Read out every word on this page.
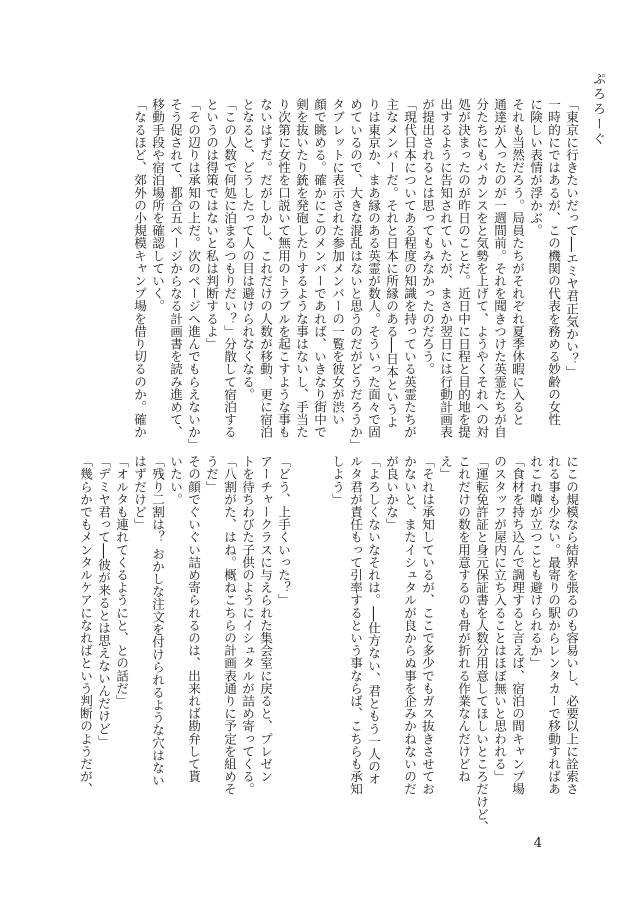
ぷろろーぐ
「東京に行きたいだって──エミヤ君正気かい？」
一時的にではあるが、この機関の代表を務める妙齢の女性
に険しい表情が浮かぶ。
それも当然だろう。局員たちがそれぞれ夏季休暇に入ると
通達が入ったのが一週間前。それを聞きつけた英霊たちが自
分たちにもバカンスをと気勢を上げて、ようやくそれへの対
処が決まったのが昨日のことだ。近日中に日程と目的地を提
出するように告知されていたが、まさか翌日には行動計画表
が提出されるとは思ってもみなかったのだろう。
「現代日本についてある程度の知識を持っている英霊たちが
主なメンバーだ。それと日本に所縁のある──日本というよ
りは東京か、まあ縁のある英霊が数人。そういった面々で固
めているので、大きな混乱はないと思うのだがどうだろうか」
タブレットに表示された参加メンバーの一覧を彼女が渋い
顔で眺める。確かにこのメンバーであれば、いきなり街中で
剣を抜いたり銃を発砲したりするような事はないし、手当た
り次第に女性を口説いて無用のトラブルを起こすような事も
ないはずだ。だがしかし、これだけの人数が移動、更に宿泊
となると、どうしたって人の目は避けられなくなる。
「この人数で何処に泊まるつもりだい？」分散して宿泊する
というのは得策ではないと私は判断するよ」
「その辺りは承知の上だ。次のページへ進んでもらえないか」
そう促されて、都合五ページからなる計画書を読み進めて、
移動手段や宿泊場所を確認していく。
「なるほど、郊外の小規模キャンプ場を借り切るのか。確か
にこの規模なら結界を張るのも容易いし、必要以上に詮索さ
れる事も少ない。最寄りの駅からレンタカーで移動すればあ
れこれ噂が立つことも避けられるか」
「食材を持ち込んで調理すると言えば、宿泊の間キャンプ場
のスタッフが屋内に立ち入ることはほぼ無いと思われる」
「運転免許証と身元保証書を人数分用意してほしいところだけど、
これだけの数を用意するのも骨が折れる作業なんだけどね
え」
「それは承知しているが、ここで多少でもガス抜きさせてお
かないと、またイシュタルが良からぬ事を企みかねないのだ
が良いかな」
「よろしくないなそれは。──仕方ない、君ともう一人のオ
ルタ君が責任もって引率するという事ならば、こちらも承知
しよう」

「どう、上手くいった？」
アーチャークラスに与えられた集会室に戻ると、プレゼン
トを待ちわびた子供のようにイシュタルが詰め寄ってくる。
「八割がた、はね。概ねこちらの計画表通りに予定を組めそ
うだ」
その顔でぐいぐい詰め寄られるのは、出来れば勘弁して貰
いたい。
「残り二割は？ おかしな注文を付けられるような穴はない
はずだけど」
「オルタも連れてくるようにと、との話だ」
「デミヤ君って──彼が来るとは思えないんだけど」
「幾らかでもメンタルケアになればという判断のようだが、
4
